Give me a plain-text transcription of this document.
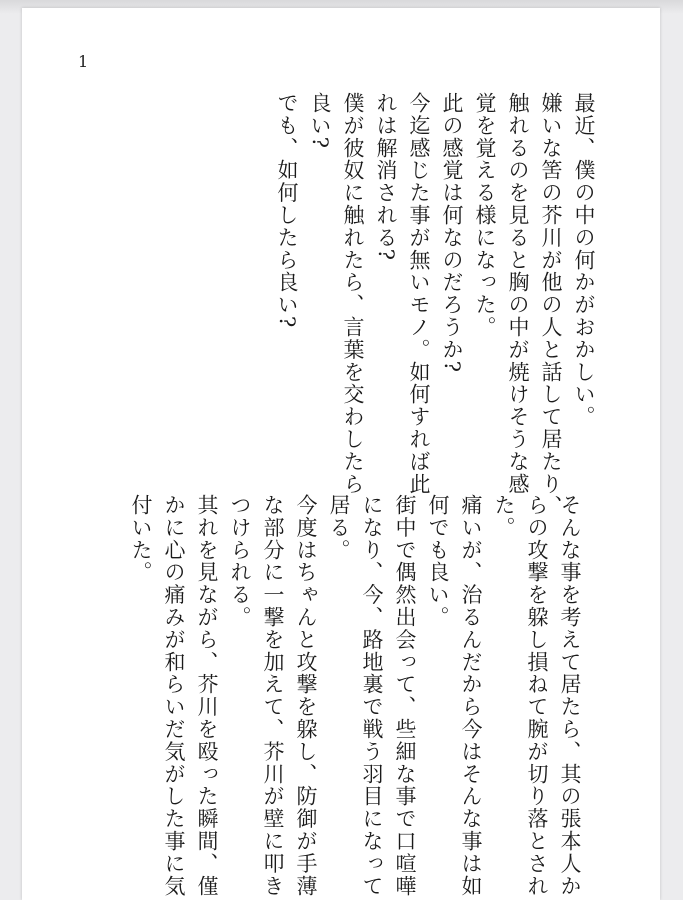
1
最近、僕の中の何かがおかしい。
嫌いな筈の芥川が他の人と話して居たり、
触れるのを見ると胸の中が焼けそうな感
覚を覚える様になった。
此の感覚は何なのだろうか?
今迄感じた事が無いモノ。如何すれば此
れは解消される?
僕が彼奴に触れたら、言葉を交わしたら
良い?
でも、如何したら良い?
そんな事を考えて居たら、其の張本人か
らの攻撃を躱し損ねて腕が切り落とされ
た。
痛いが、治るんだから今はそんな事は如
何でも良い。
街中で偶然出会って、些細な事で口喧嘩
になり、今、路地裏で戦う羽目になって
居る。
今度はちゃんと攻撃を躱し、防御が手薄
な部分に一撃を加えて、芥川が壁に叩き
つけられる。
其れを見ながら、芥川を殴った瞬間、僅
かに心の痛みが和らいだ気がした事に気
付いた。
